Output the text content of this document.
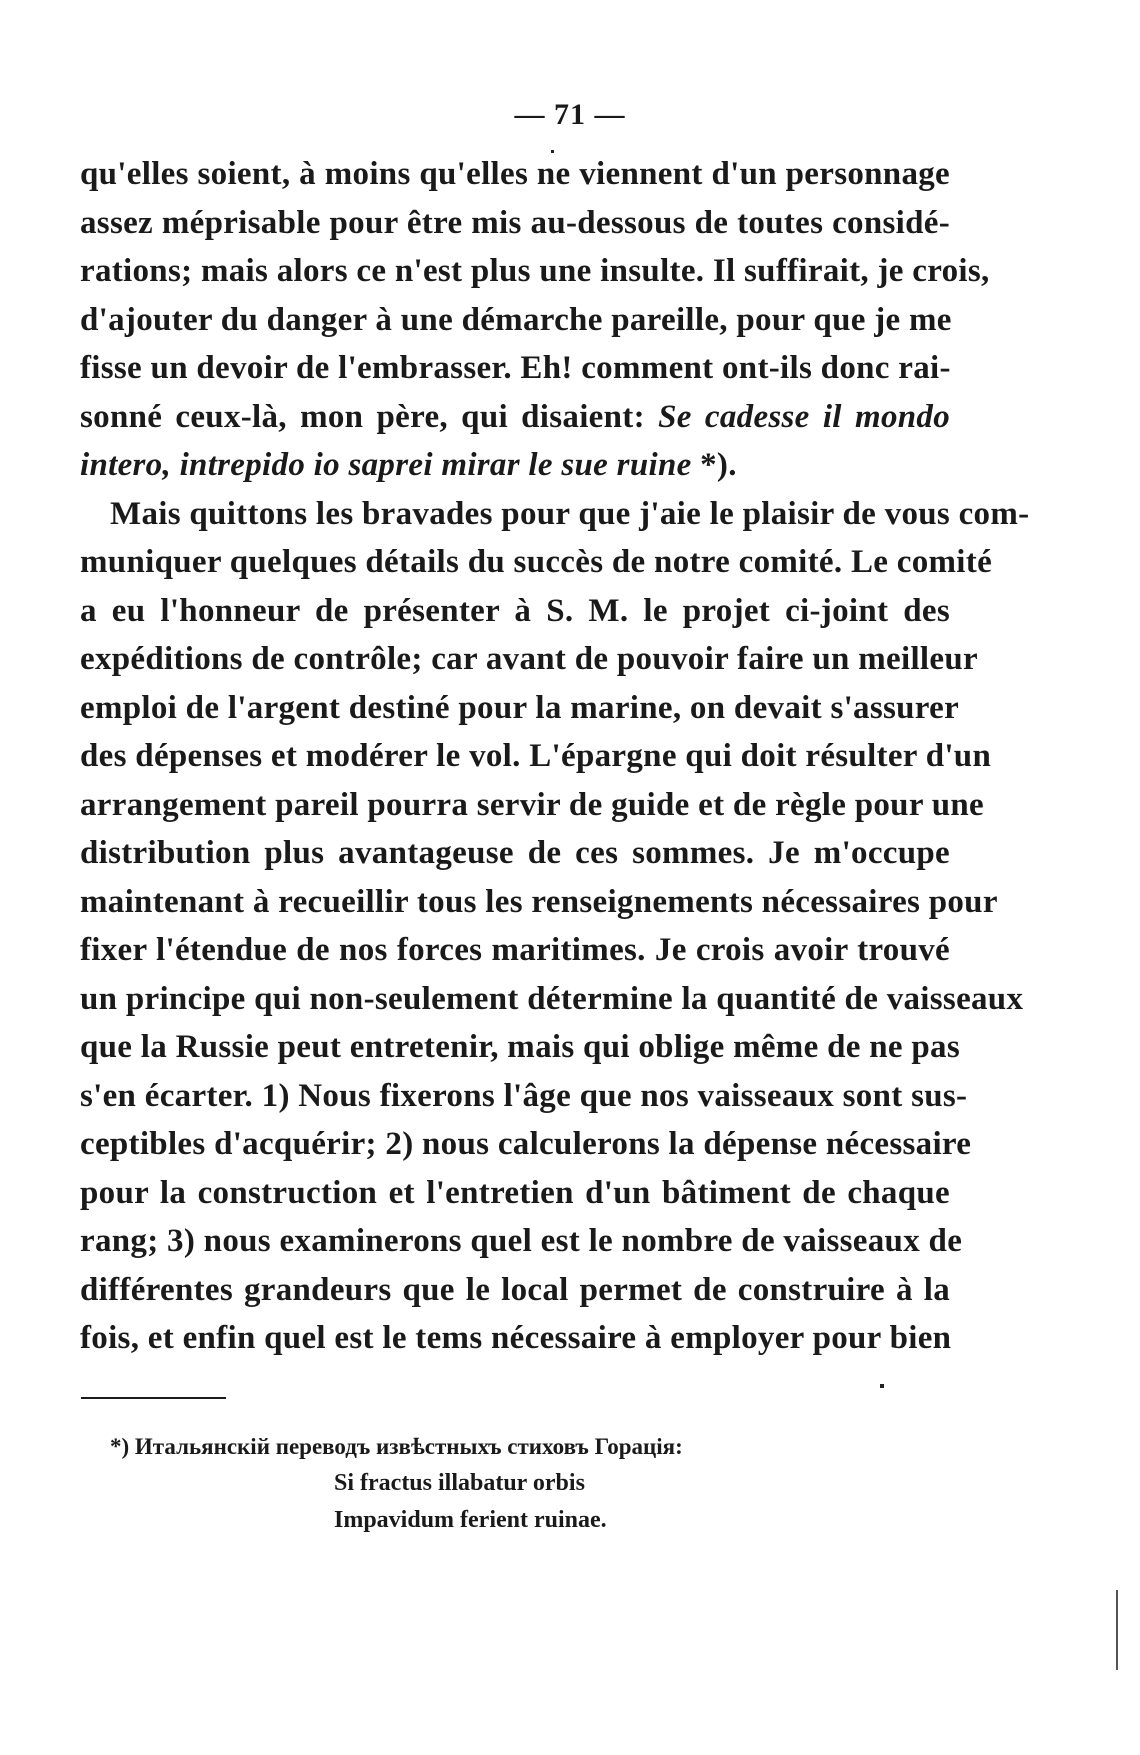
— 71 —
qu'elles soient, à moins qu'elles ne viennent d'un personnage
assez méprisable pour être mis au-dessous de toutes considé-
rations; mais alors ce n'est plus une insulte. Il suffirait, je crois,
d'ajouter du danger à une démarche pareille, pour que je me
fisse un devoir de l'embrasser. Eh! comment ont-ils donc rai-
sonné ceux-là, mon père, qui disaient: Se cadesse il mondo
intero, intrepido io saprei mirar le sue ruine *).
Mais quittons les bravades pour que j'aie le plaisir de vous com-
muniquer quelques détails du succès de notre comité. Le comité
a eu l'honneur de présenter à S. M. le projet ci-joint des
expéditions de contrôle; car avant de pouvoir faire un meilleur
emploi de l'argent destiné pour la marine, on devait s'assurer
des dépenses et modérer le vol. L'épargne qui doit résulter d'un
arrangement pareil pourra servir de guide et de règle pour une
distribution plus avantageuse de ces sommes. Je m'occupe
maintenant à recueillir tous les renseignements nécessaires pour
fixer l'étendue de nos forces maritimes. Je crois avoir trouvé
un principe qui non-seulement détermine la quantité de vaisseaux
que la Russie peut entretenir, mais qui oblige même de ne pas
s'en écarter. 1) Nous fixerons l'âge que nos vaisseaux sont sus-
ceptibles d'acquérir; 2) nous calculerons la dépense nécessaire
pour la construction et l'entretien d'un bâtiment de chaque
rang; 3) nous examinerons quel est le nombre de vaisseaux de
différentes grandeurs que le local permet de construire à la
fois, et enfin quel est le tems nécessaire à employer pour bien
*) Итальянскій переводъ извѣстныхъ стиховъ Горація:
Si fractus illabatur orbis
Impavidum ferient ruinae.
